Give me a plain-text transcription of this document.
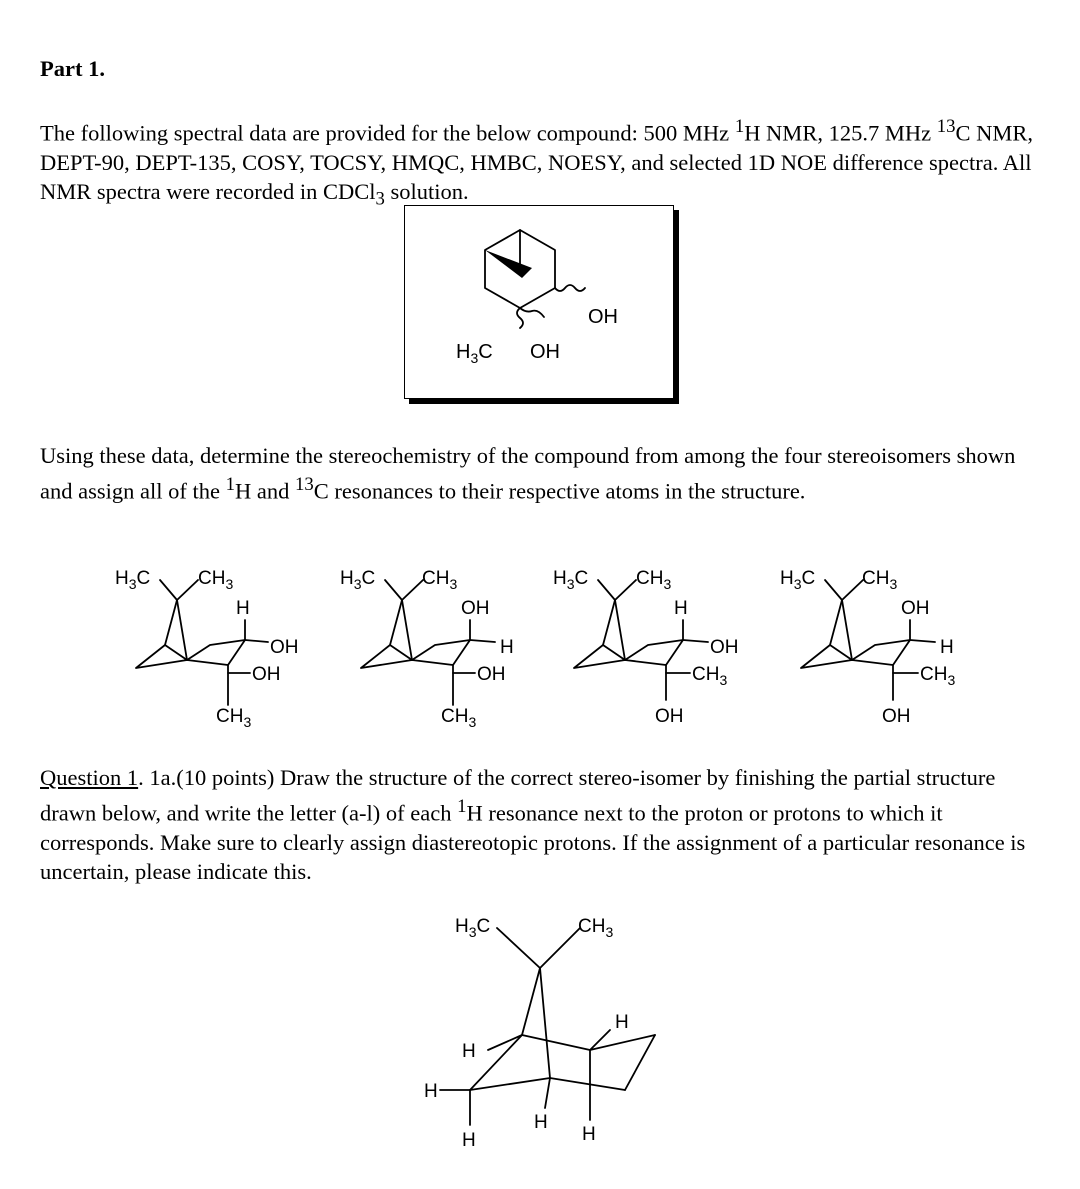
Part 1.

The following spectral data are provided for the below compound: 500 MHz $^1$H NMR, 125.7 MHz $^{13}$C NMR, DEPT-90, DEPT-135, COSY, TOCSY, HMQC, HMBC, NOESY, and selected 1D NOE difference spectra. All NMR spectra were recorded in CDCl$_3$ solution.

OH
$H_3C$ OH

Using these data, determine the stereochemistry of the compound from among the four stereoisomers shown and assign all of the $^1$H and $^{13}$C resonances to their respective atoms in the structure.

$H_3C$	$CH_3$
H
OH
OH
$CH_3$
$H_3C$ $CH_3$
OH
H
OH
$CH_3$
$H_3C$	$CH_3$
H
OH
$CH_3$
OH
$H_3C$ $CH_3$
OH
H
$CH_3$
OH

Question 1. 1a.(10 points) Draw the structure of the correct stereo-isomer by finishing the partial structure drawn below, and write the letter (a-l) of each $^1$H resonance next to the proton or protons to which it corresponds. Make sure to clearly assign diastereotopic protons. If the assignment of a particular resonance is uncertain, please indicate this.

$H_3C$	$CH_3$
H
H
H
H
H
H
